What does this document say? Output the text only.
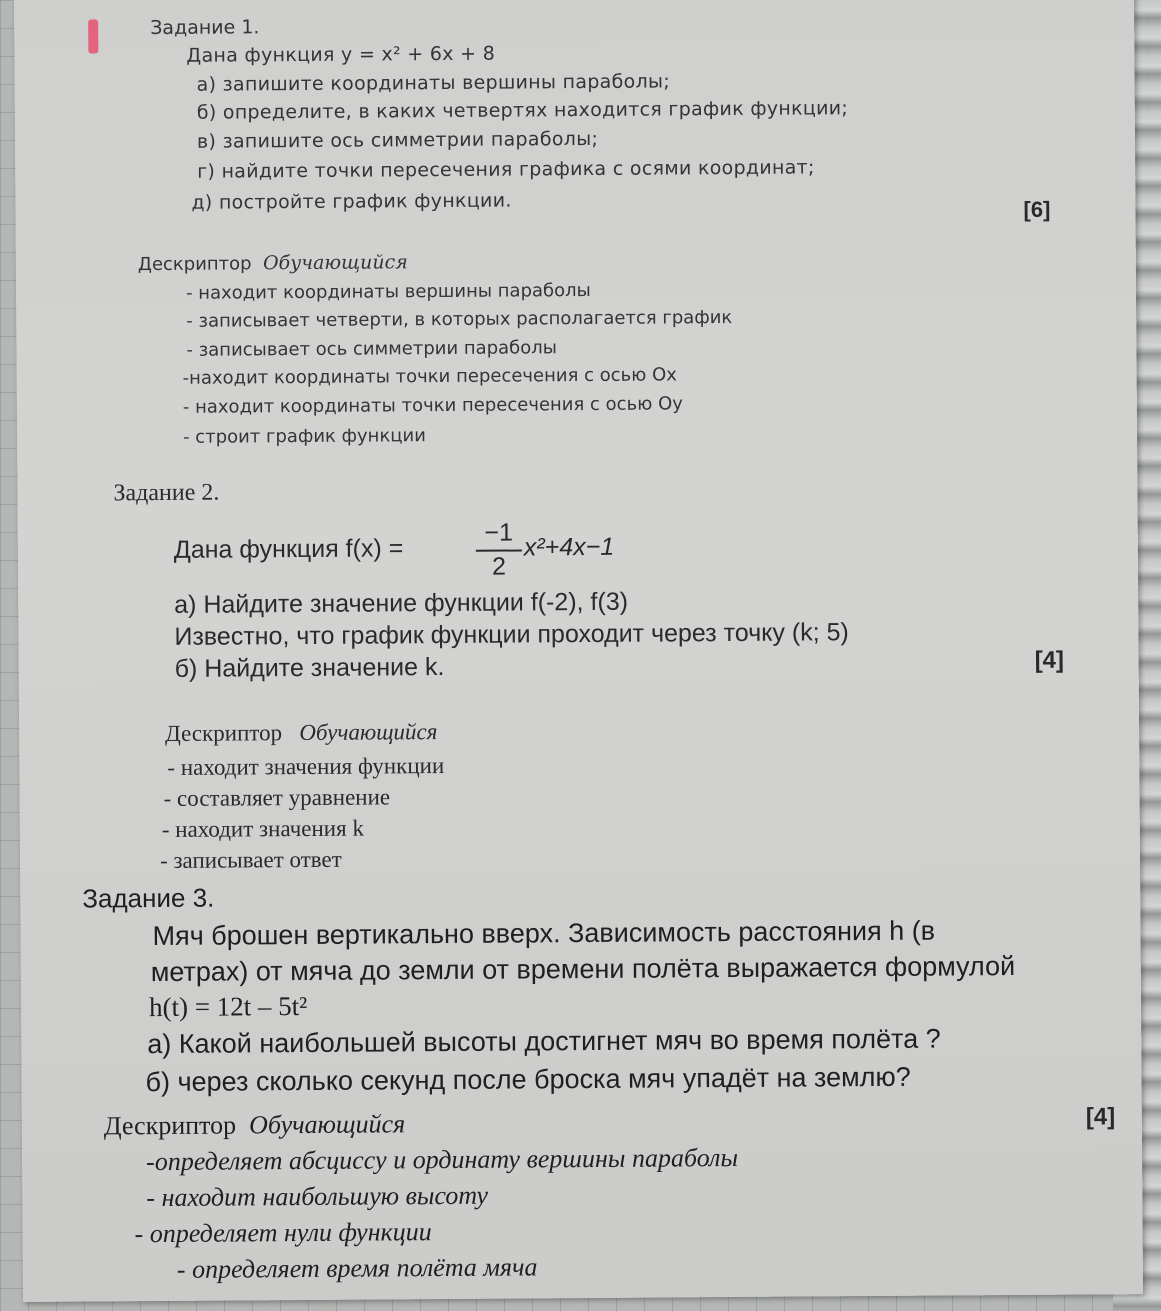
Задание 1.
Дана функция y = x² + 6x + 8
а) запишите координаты вершины параболы;
б) определите, в каких четвертях находится график функции;
в) запишите ось симметрии параболы;
г) найдите точки пересечения графика с осями координат;
д) постройте график функции.	[6]
Дескриптор Обучающийся
- находит координаты вершины параболы
- записывает четверти, в которых располагается график
- записывает ось симметрии параболы
-находит координаты точки пересечения с осью Ох
- находит координаты точки пересечения с осью Оу
- строит график функции
Задание 2.
Дана функция f(x) =
−1
2
x²+4x−1
а) Найдите значение функции f(-2), f(3)
Известно, что график функции проходит через точку (k; 5)
б) Найдите значение k.	[4]
Дескриптор Обучающийся
- находит значения функции
- составляет уравнение
- находит значения k
- записывает ответ
Задание 3.
Мяч брошен вертикально вверх. Зависимость расстояния h (в
метрах) от мяча до земли от времени полёта выражается формулой
h(t) = 12t – 5t²
а) Какой наибольшей высоты достигнет мяч во время полёта ?
б) через сколько секунд после броска мяч упадёт на землю?
[4]
Дескриптор Обучающийся
-определяет абсциссу и ординату вершины параболы
- находит наибольшую высоту
- определяет нули функции
- определяет время полёта мяча
